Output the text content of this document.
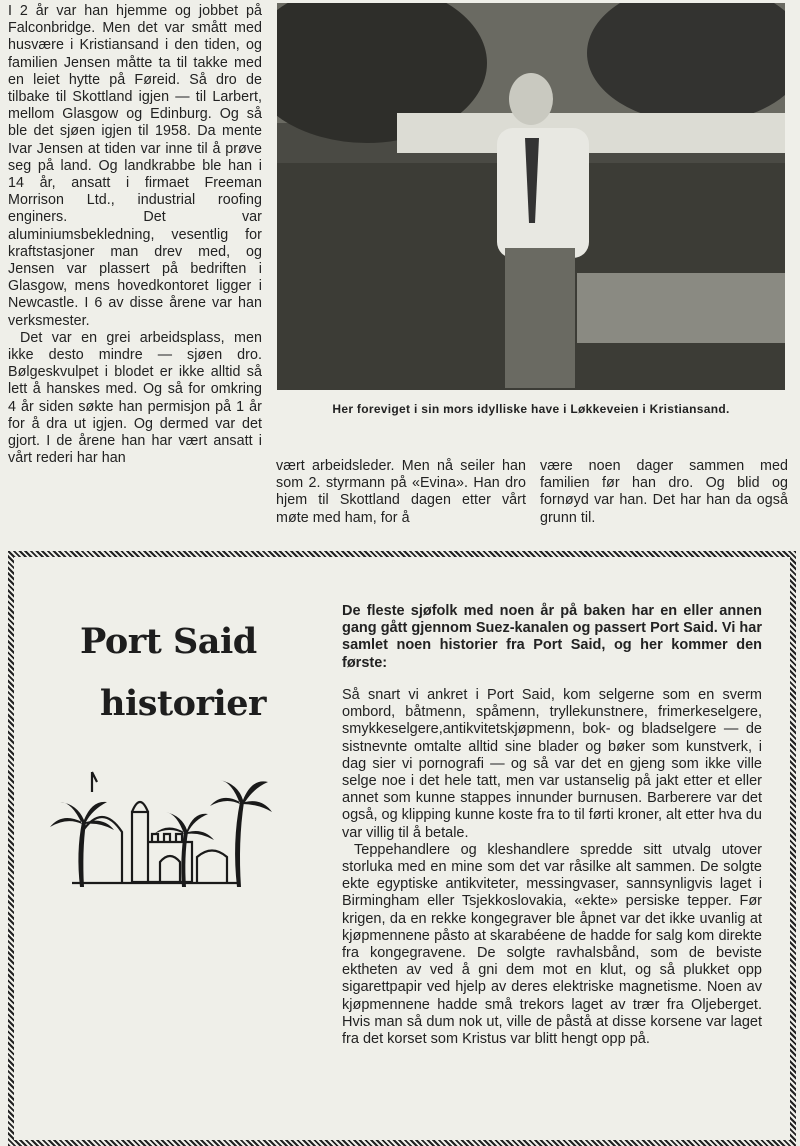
I 2 år var han hjemme og jobbet på Falconbridge. Men det var smått med husvære i Kristiansand i den tiden, og familien Jensen måtte ta til takke med en leiet hytte på Føreid. Så dro de tilbake til Skottland igjen — til Larbert, mellom Glasgow og Edinburg. Og så ble det sjøen igjen til 1958. Da mente Ivar Jensen at tiden var inne til å prøve seg på land. Og landkrabbe ble han i 14 år, ansatt i firmaet Freeman Morrison Ltd., industrial roofing enginers. Det var aluminiumsbekledning, vesentlig for kraftstasjoner man drev med, og Jensen var plassert på bedriften i Glasgow, mens hovedkontoret ligger i Newcastle. I 6 av disse årene var han verksmester.

Det var en grei arbeidsplass, men ikke desto mindre — sjøen dro. Bølgeskvulpet i blodet er ikke alltid så lett å hanskes med. Og så for omkring 4 år siden søkte han permisjon på 1 år for å dra ut igjen. Og dermed var det gjort. I de årene han har vært ansatt i vårt rederi har han

Her foreviget i sin mors idylliske have i Løkkeveien i Kristiansand.

vært arbeidsleder. Men nå seiler han som 2. styrmann på «Evina». Han dro hjem til Skottland dagen etter vårt møte med ham, for å

være noen dager sammen med familien før han dro. Og blid og fornøyd var han. Det har han da også grunn til.

Port Said
historier
De fleste sjøfolk med noen år på baken har en eller annen gang gått gjennom Suez-kanalen og passert Port Said. Vi har samlet noen historier fra Port Said, og her kommer den første:

Så snart vi ankret i Port Said, kom selgerne som en sverm ombord, båtmenn, spåmenn, tryllekunstnere, frimerkeselgere, smykkeselgere,antikvitetskjøpmenn, bok- og bladselgere — de sistnevnte omtalte alltid sine blader og bøker som kunstverk, i dag sier vi pornografi — og så var det en gjeng som ikke ville selge noe i det hele tatt, men var ustanselig på jakt etter et eller annet som kunne stappes innunder burnusen. Barberere var det også, og klipping kunne koste fra to til førti kroner, alt etter hva du var villig til å betale.

Teppehandlere og kleshandlere spredde sitt utvalg utover storluka med en mine som det var råsilke alt sammen. De solgte ekte egyptiske antikviteter, messingvaser, sannsynligvis laget i Birmingham eller Tsjekkoslovakia, «ekte» persiske tepper. Før krigen, da en rekke kongegraver ble åpnet var det ikke uvanlig at kjøpmennene påsto at skarabéene de hadde for salg kom direkte fra kongegravene. De solgte ravhalsbånd, som de beviste ektheten av ved å gni dem mot en klut, og så plukket opp sigarettpapir ved hjelp av deres elektriske magnetisme. Noen av kjøpmennene hadde små trekors laget av trær fra Oljeberget. Hvis man så dum nok ut, ville de påstå at disse korsene var laget fra det korset som Kristus var blitt hengt opp på.
